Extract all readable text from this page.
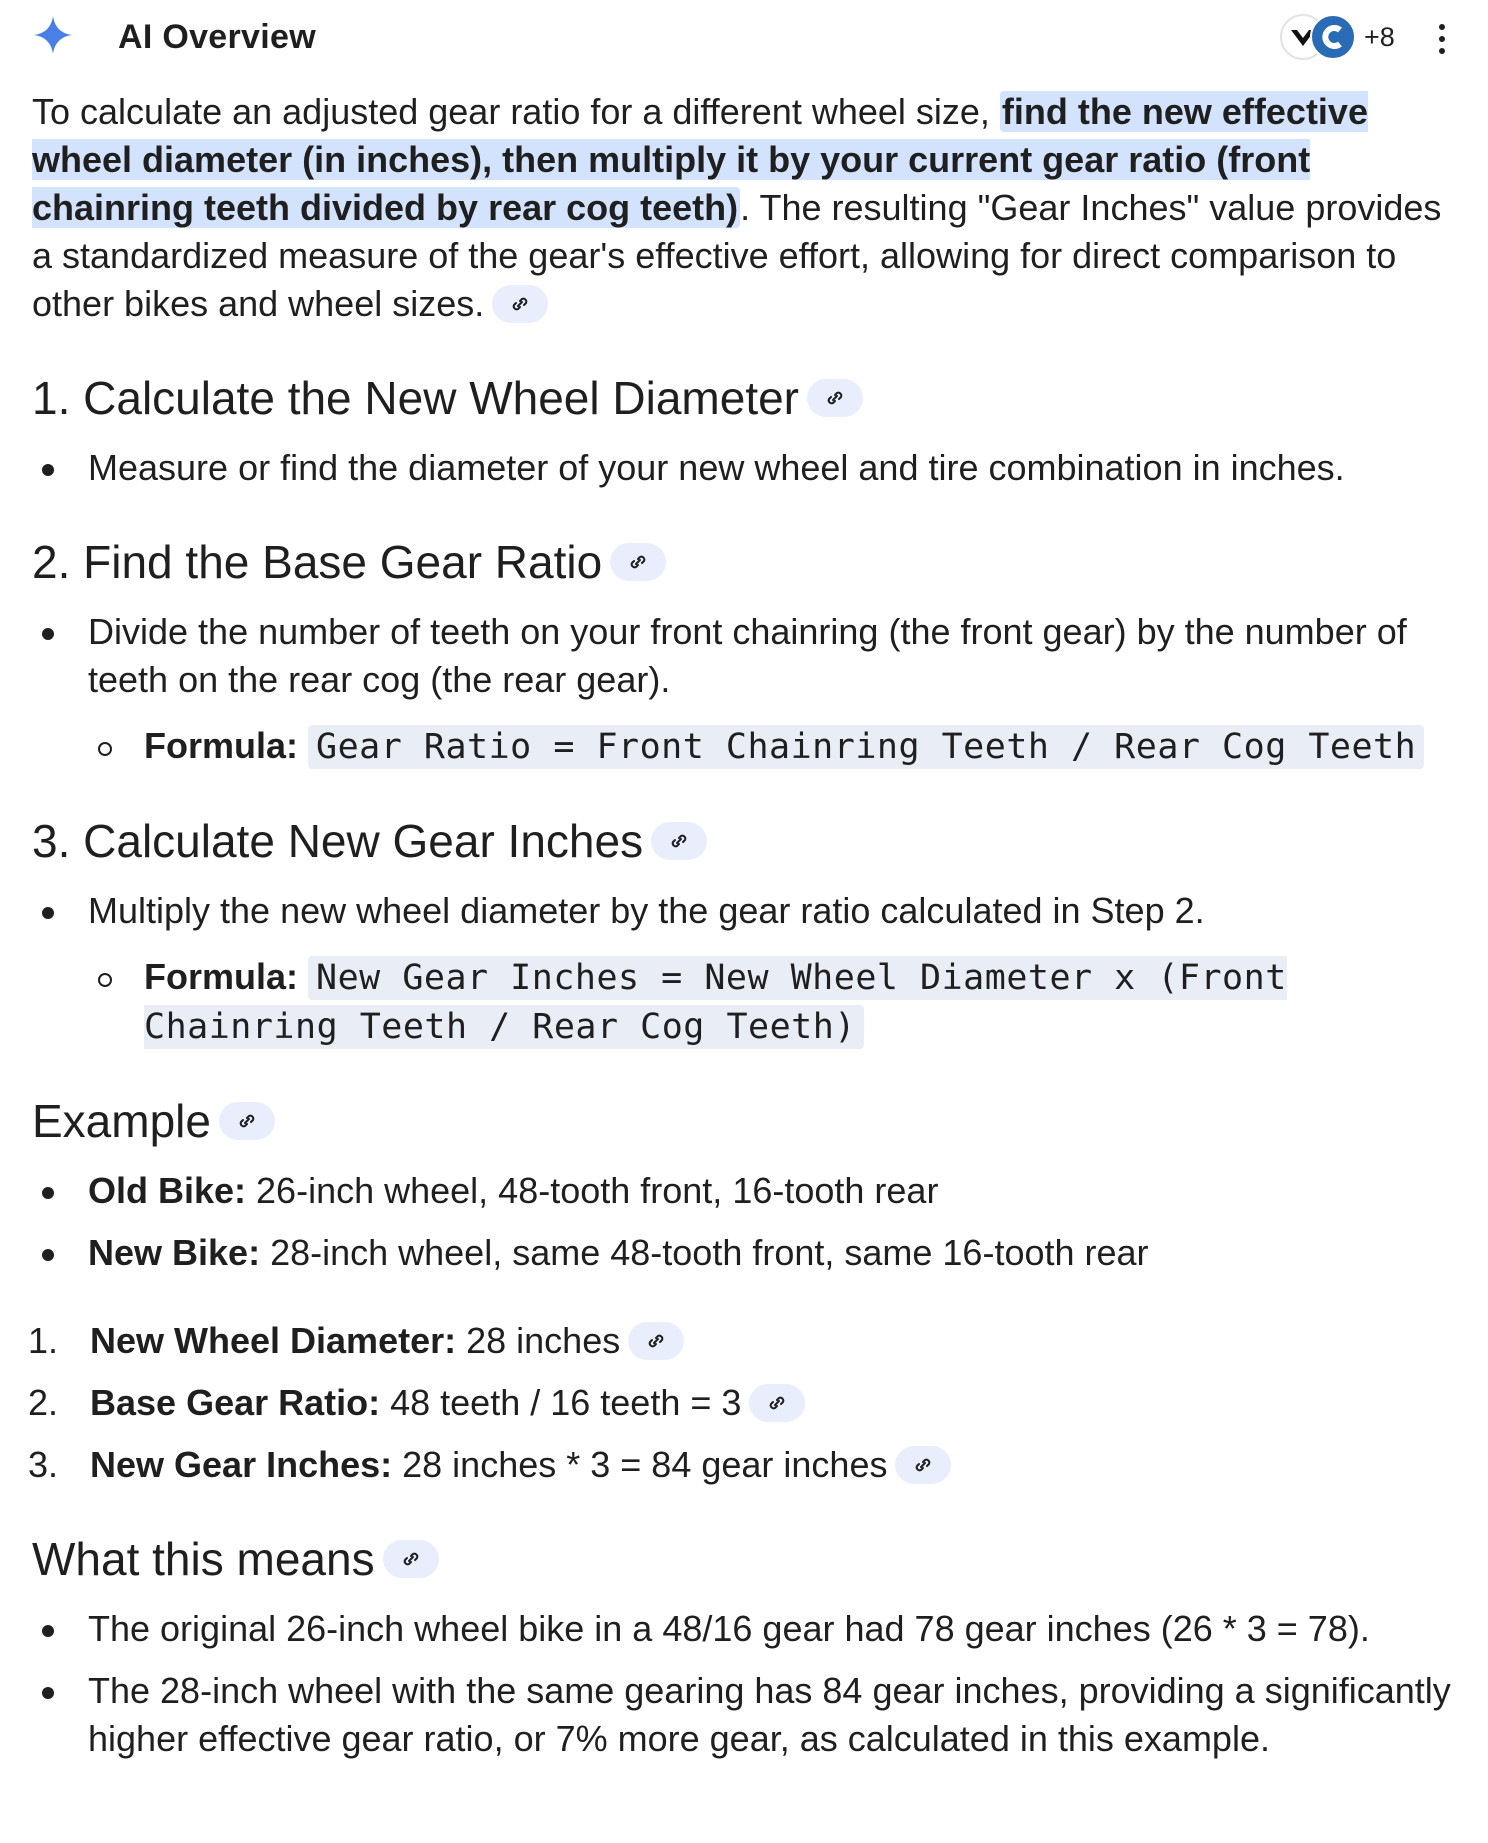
AI Overview	+8

To calculate an adjusted gear ratio for a different wheel size, find the new effective wheel diameter (in inches), then multiply it by your current gear ratio (front chainring teeth divided by rear cog teeth). The resulting "Gear Inches" value provides a standardized measure of the gear's effective effort, allowing for direct comparison to other bikes and wheel sizes.

1. Calculate the New Wheel Diameter
Measure or find the diameter of your new wheel and tire combination in inches.
2. Find the Base Gear Ratio
Divide the number of teeth on your front chainring (the front gear) by the number of teeth on the rear cog (the rear gear).
Formula: Gear Ratio = Front Chainring Teeth / Rear Cog Teeth
3. Calculate New Gear Inches
Multiply the new wheel diameter by the gear ratio calculated in Step 2.
Formula: New Gear Inches = New Wheel Diameter x (Front Chainring Teeth / Rear Cog Teeth)
Example
Old Bike: 26-inch wheel, 48-tooth front, 16-tooth rear
New Bike: 28-inch wheel, same 48-tooth front, same 16-tooth rear
1. New Wheel Diameter: 28 inches
2. Base Gear Ratio: 48 teeth / 16 teeth = 3
3. New Gear Inches: 28 inches * 3 = 84 gear inches
What this means
The original 26-inch wheel bike in a 48/16 gear had 78 gear inches (26 * 3 = 78).
The 28-inch wheel with the same gearing has 84 gear inches, providing a significantly higher effective gear ratio, or 7% more gear, as calculated in this example.
